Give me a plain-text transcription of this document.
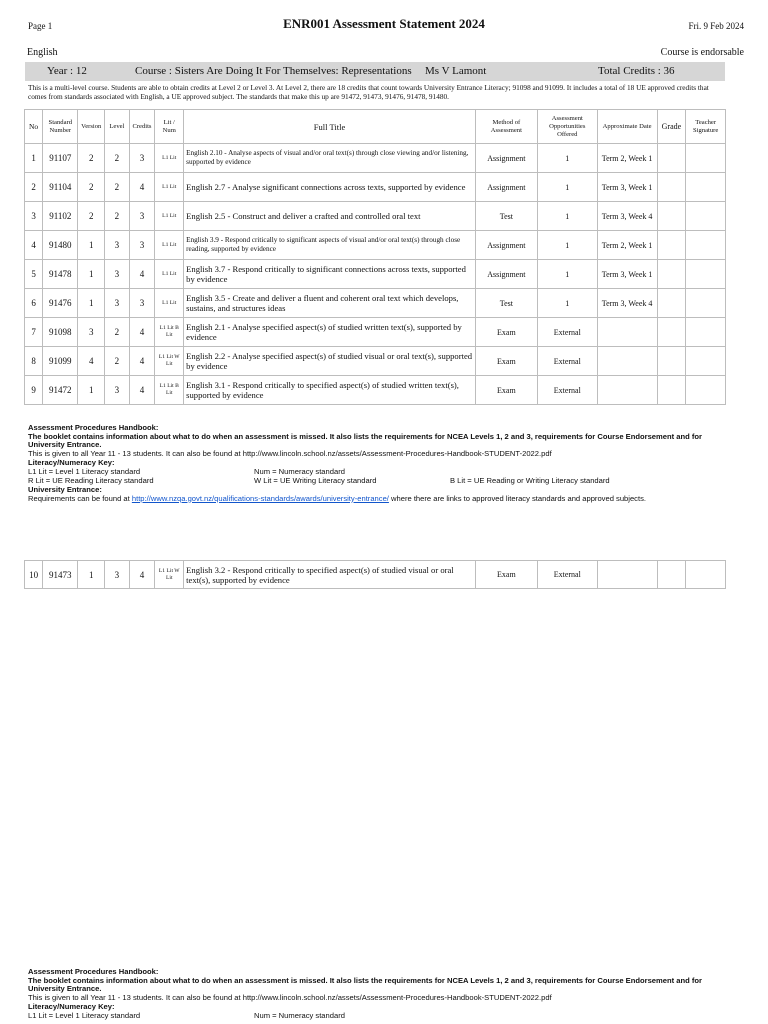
Page 1	ENR001 Assessment Statement 2024	Fri. 9 Feb 2024
English	Course is endorsable
Year : 12	Course : Sisters Are Doing It For Themselves: Representations Ms V Lamont	Total Credits : 36
This is a multi-level course. Students are able to obtain credits at Level 2 or Level 3. At Level 2, there are 18 credits that count towards University Entrance Literacy; 91098 and 91099. It includes a total of 18 UE approved credits that comes from standards associated with English, a UE approved subject. The standards that make this up are 91472, 91473, 91476, 91478, 91480.
No	Standard Number	Version	Level	Credits	Lit / Num	Full Title	Method of Assessment	Assessment Opportunities Offered	Approximate Date	Grade	Teacher Signature
1	91107	2	2	3	L1 Lit	English 2.10 - Analyse aspects of visual and/or oral text(s) through close viewing and/or listening, supported by evidence	Assignment	1	Term 2, Week 1		
2	91104	2	2	4	L1 Lit	English 2.7 - Analyse significant connections across texts, supported by evidence	Assignment	1	Term 3, Week 1		
3	91102	2	2	3	L1 Lit	English 2.5 - Construct and deliver a crafted and controlled oral text	Test	1	Term 3, Week 4		
4	91480	1	3	3	L1 Lit	English 3.9 - Respond critically to significant aspects of visual and/or oral text(s) through close reading, supported by evidence	Assignment	1	Term 2, Week 1		
5	91478	1	3	4	L1 Lit	English 3.7 - Respond critically to significant connections across texts, supported by evidence	Assignment	1	Term 3, Week 1		
6	91476	1	3	3	L1 Lit	English 3.5 - Create and deliver a fluent and coherent oral text which develops, sustains, and structures ideas	Test	1	Term 3, Week 4		
7	91098	3	2	4	L1 Lit B Lit	English 2.1 - Analyse specified aspect(s) of studied written text(s), supported by evidence	Exam	External			
8	91099	4	2	4	L1 Lit W Lit	English 2.2 - Analyse specified aspect(s) of studied visual or oral text(s), supported by evidence	Exam	External			
9	91472	1	3	4	L1 Lit B Lit	English 3.1 - Respond critically to specified aspect(s) of studied written text(s), supported by evidence	Exam	External			
Assessment Procedures Handbook:
The booklet contains information about what to do when an assessment is missed. It also lists the requirements for NCEA Levels 1, 2 and 3, requirements for Course Endorsement and for University Entrance.
This is given to all Year 11 - 13 students. It can also be found at http://www.lincoln.school.nz/assets/Assessment-Procedures-Handbook-STUDENT-2022.pdf
Literacy/Numeracy Key:
L1 Lit = Level 1 Literacy standard	Num = Numeracy standard
R Lit = UE Reading Literacy standard	W Lit = UE Writing Literacy standard	B Lit = UE Reading or Writing Literacy standard
University Entrance:
Requirements can be found at http://www.nzqa.govt.nz/qualifications-standards/awards/university-entrance/ where there are links to approved literacy standards and approved subjects.
10	91473	1	3	4	L1 Lit W Lit	English 3.2 - Respond critically to specified aspect(s) of studied visual or oral text(s), supported by evidence	Exam	External			
Assessment Procedures Handbook:
The booklet contains information about what to do when an assessment is missed. It also lists the requirements for NCEA Levels 1, 2 and 3, requirements for Course Endorsement and for University Entrance.
This is given to all Year 11 - 13 students. It can also be found at http://www.lincoln.school.nz/assets/Assessment-Procedures-Handbook-STUDENT-2022.pdf
Literacy/Numeracy Key:
L1 Lit = Level 1 Literacy standard	Num = Numeracy standard
